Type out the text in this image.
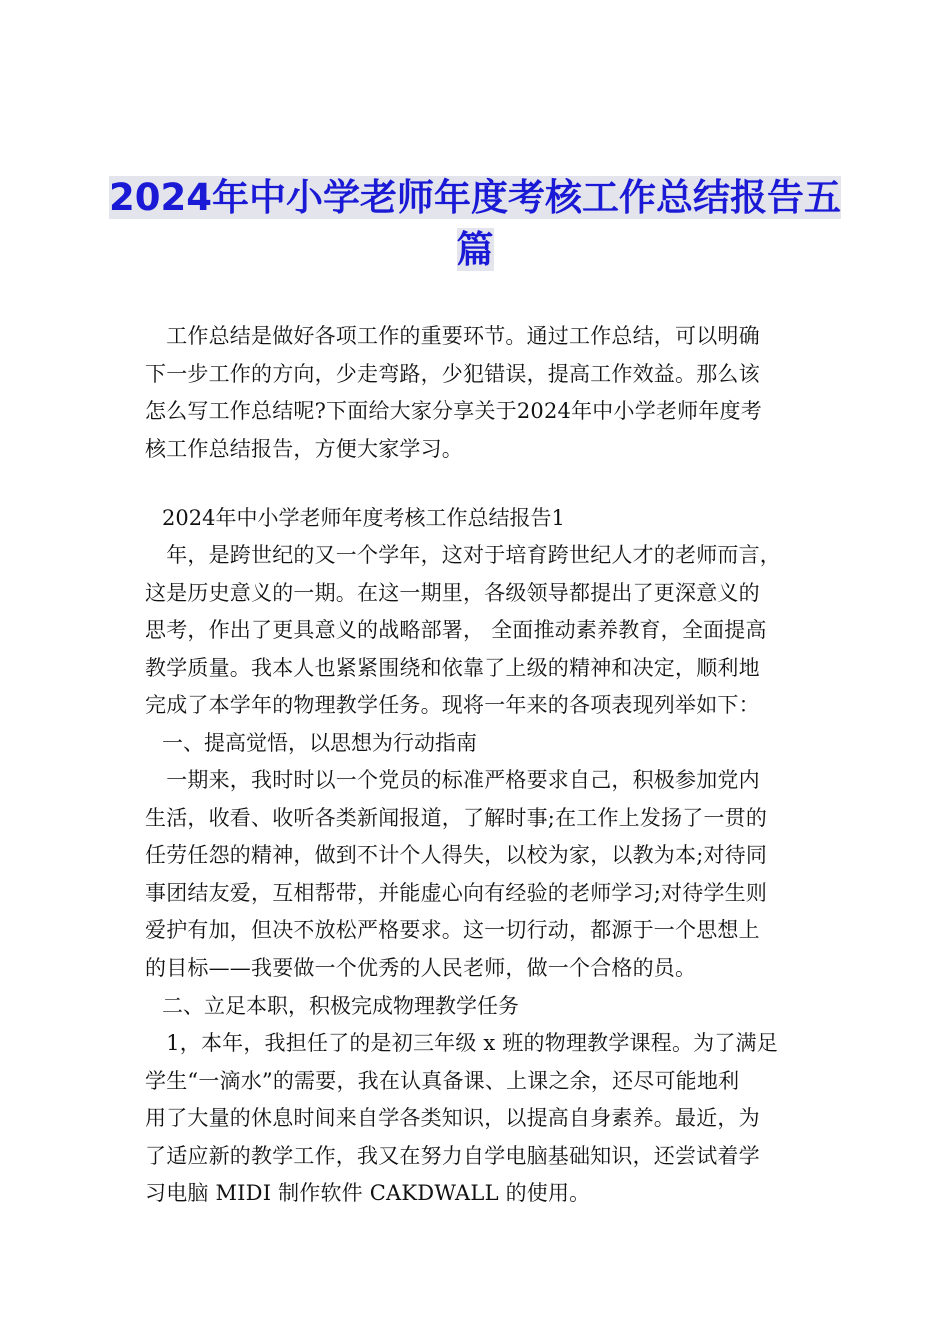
2024年中小学老师年度考核工作总结报告五篇

　工作总结是做好各项工作的重要环节。通过工作总结，可以明确
下一步工作的方向，少走弯路，少犯错误，提高工作效益。那么该
怎么写工作总结呢?下面给大家分享关于2024年中小学老师年度考
核工作总结报告，方便大家学习。

2024年中小学老师年度考核工作总结报告1

　年，是跨世纪的又一个学年，这对于培育跨世纪人才的老师而言，
这是历史意义的一期。在这一期里，各级领导都提出了更深意义的
思考，作出了更具意义的战略部署， 全面推动素养教育，全面提高
教学质量。我本人也紧紧围绕和依靠了上级的精神和决定，顺利地
完成了本学年的物理教学任务。现将一年来的各项表现列举如下：

一、提高觉悟，以思想为行动指南

　一期来，我时时以一个党员的标准严格要求自己，积极参加党内
生活，收看、收听各类新闻报道，了解时事;在工作上发扬了一贯的
任劳任怨的精神，做到不计个人得失，以校为家，以教为本;对待同
事团结友爱，互相帮带，并能虚心向有经验的老师学习;对待学生则
爱护有加，但决不放松严格要求。这一切行动，都源于一个思想上
的目标——我要做一个优秀的人民老师，做一个合格的员。

二、立足本职，积极完成物理教学任务

　1，本年，我担任了的是初三年级 x 班的物理教学课程。为了满足
学生“一滴水”的需要，我在认真备课、上课之余，还尽可能地利
用了大量的休息时间来自学各类知识，以提高自身素养。最近，为
了适应新的教学工作，我又在努力自学电脑基础知识，还尝试着学
习电脑 MIDI 制作软件 CAKDWALL 的使用。
